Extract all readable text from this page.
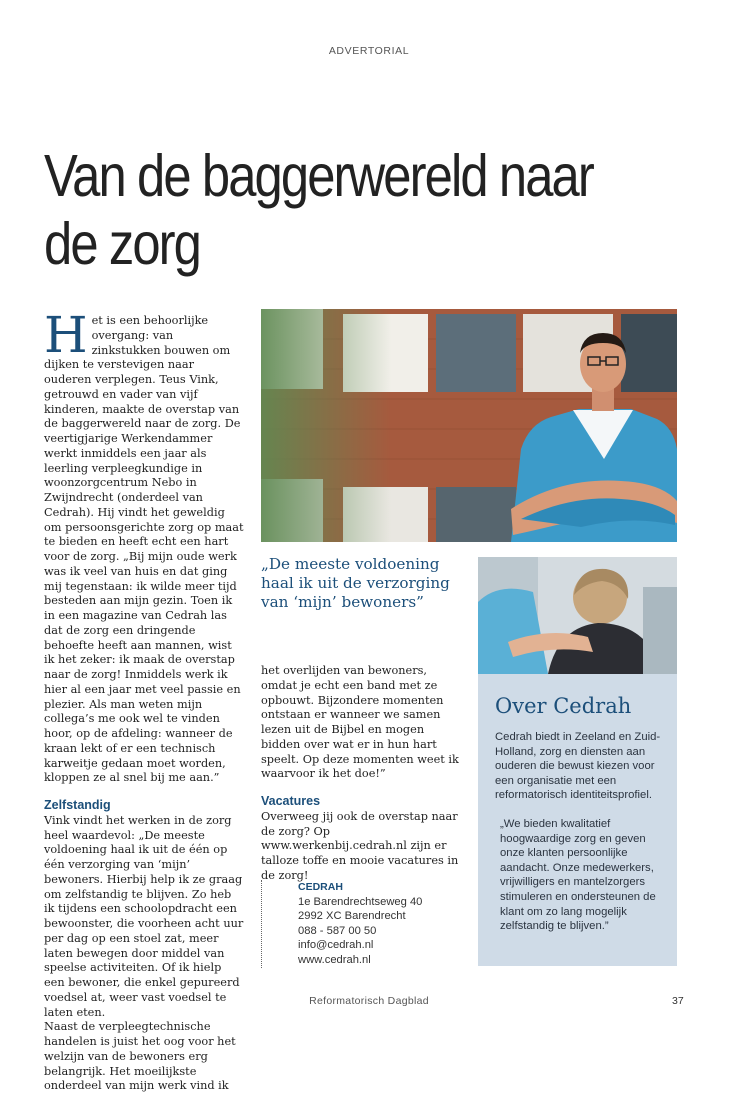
ADVERTORIAL
Van de baggerwereld naar de zorg

Het is een behoorlijke overgang: van zinkstukken bouwen om dijken te verstevigen naar ouderen verplegen. Teus Vink, getrouwd en vader van vijf kinderen, maakte de overstap van de baggerwereld naar de zorg. De veertigjarige Werkendammer werkt inmiddels een jaar als leerling verpleegkundige in woonzorgcentrum Nebo in Zwijndrecht (onderdeel van Cedrah). Hij vindt het geweldig om persoonsgerichte zorg op maat te bieden en heeft echt een hart voor de zorg. „Bij mijn oude werk was ik veel van huis en dat ging mij tegenstaan: ik wilde meer tijd besteden aan mijn gezin. Toen ik in een magazine van Cedrah las dat de zorg een dringende behoefte heeft aan mannen, wist ik het zeker: ik maak de overstap naar de zorg! Inmiddels werk ik hier al een jaar met veel passie en plezier. Als man weten mijn collega’s me ook wel te vinden hoor, op de afdeling: wanneer de kraan lekt of er een technisch karweitje gedaan moet worden, kloppen ze al snel bij me aan.”

Zelfstandig

Vink vindt het werken in de zorg heel waardevol: „De meeste voldoening haal ik uit de één op één verzorging van ‘mijn’ bewoners. Hierbij help ik ze graag om zelfstandig te blijven. Zo heb ik tijdens een schoolopdracht een bewoonster, die voorheen acht uur per dag op een stoel zat, meer laten bewegen door middel van speelse activiteiten. Of ik hielp een bewoner, die enkel gepureerd voedsel at, weer vast voedsel te laten eten.

Naast de verpleegtechnische handelen is juist het oog voor het welzijn van de bewoners erg belangrijk. Het moeilijkste onderdeel van mijn werk vind ik

„De meeste voldoening haal ik uit de verzorging van ‘mijn’ bewoners”

het overlijden van bewoners, omdat je echt een band met ze opbouwt. Bijzondere momenten ontstaan er wanneer we samen lezen uit de Bijbel en mogen bidden over wat er in hun hart speelt. Op deze momenten weet ik waarvoor ik het doe!”

Vacatures

Overweeg jij ook de overstap naar de zorg? Op www.werkenbij.cedrah.nl zijn er talloze toffe en mooie vacatures in de zorg!

CEDRAH
1e Barendrechtseweg 40
2992 XC Barendrecht
088 - 587 00 50
info@cedrah.nl
www.cedrah.nl
Over Cedrah

Cedrah biedt in Zeeland en Zuid-Holland, zorg en diensten aan ouderen die bewust kiezen voor een organisatie met een reformatorisch identiteitsprofiel.

„We bieden kwalitatief hoogwaardige zorg en geven onze klanten persoonlijke aandacht. Onze medewerkers, vrijwilligers en mantelzorgers stimuleren en ondersteunen de klant om zo lang mogelijk zelfstandig te blijven.”

Reformatorisch Dagblad	37
